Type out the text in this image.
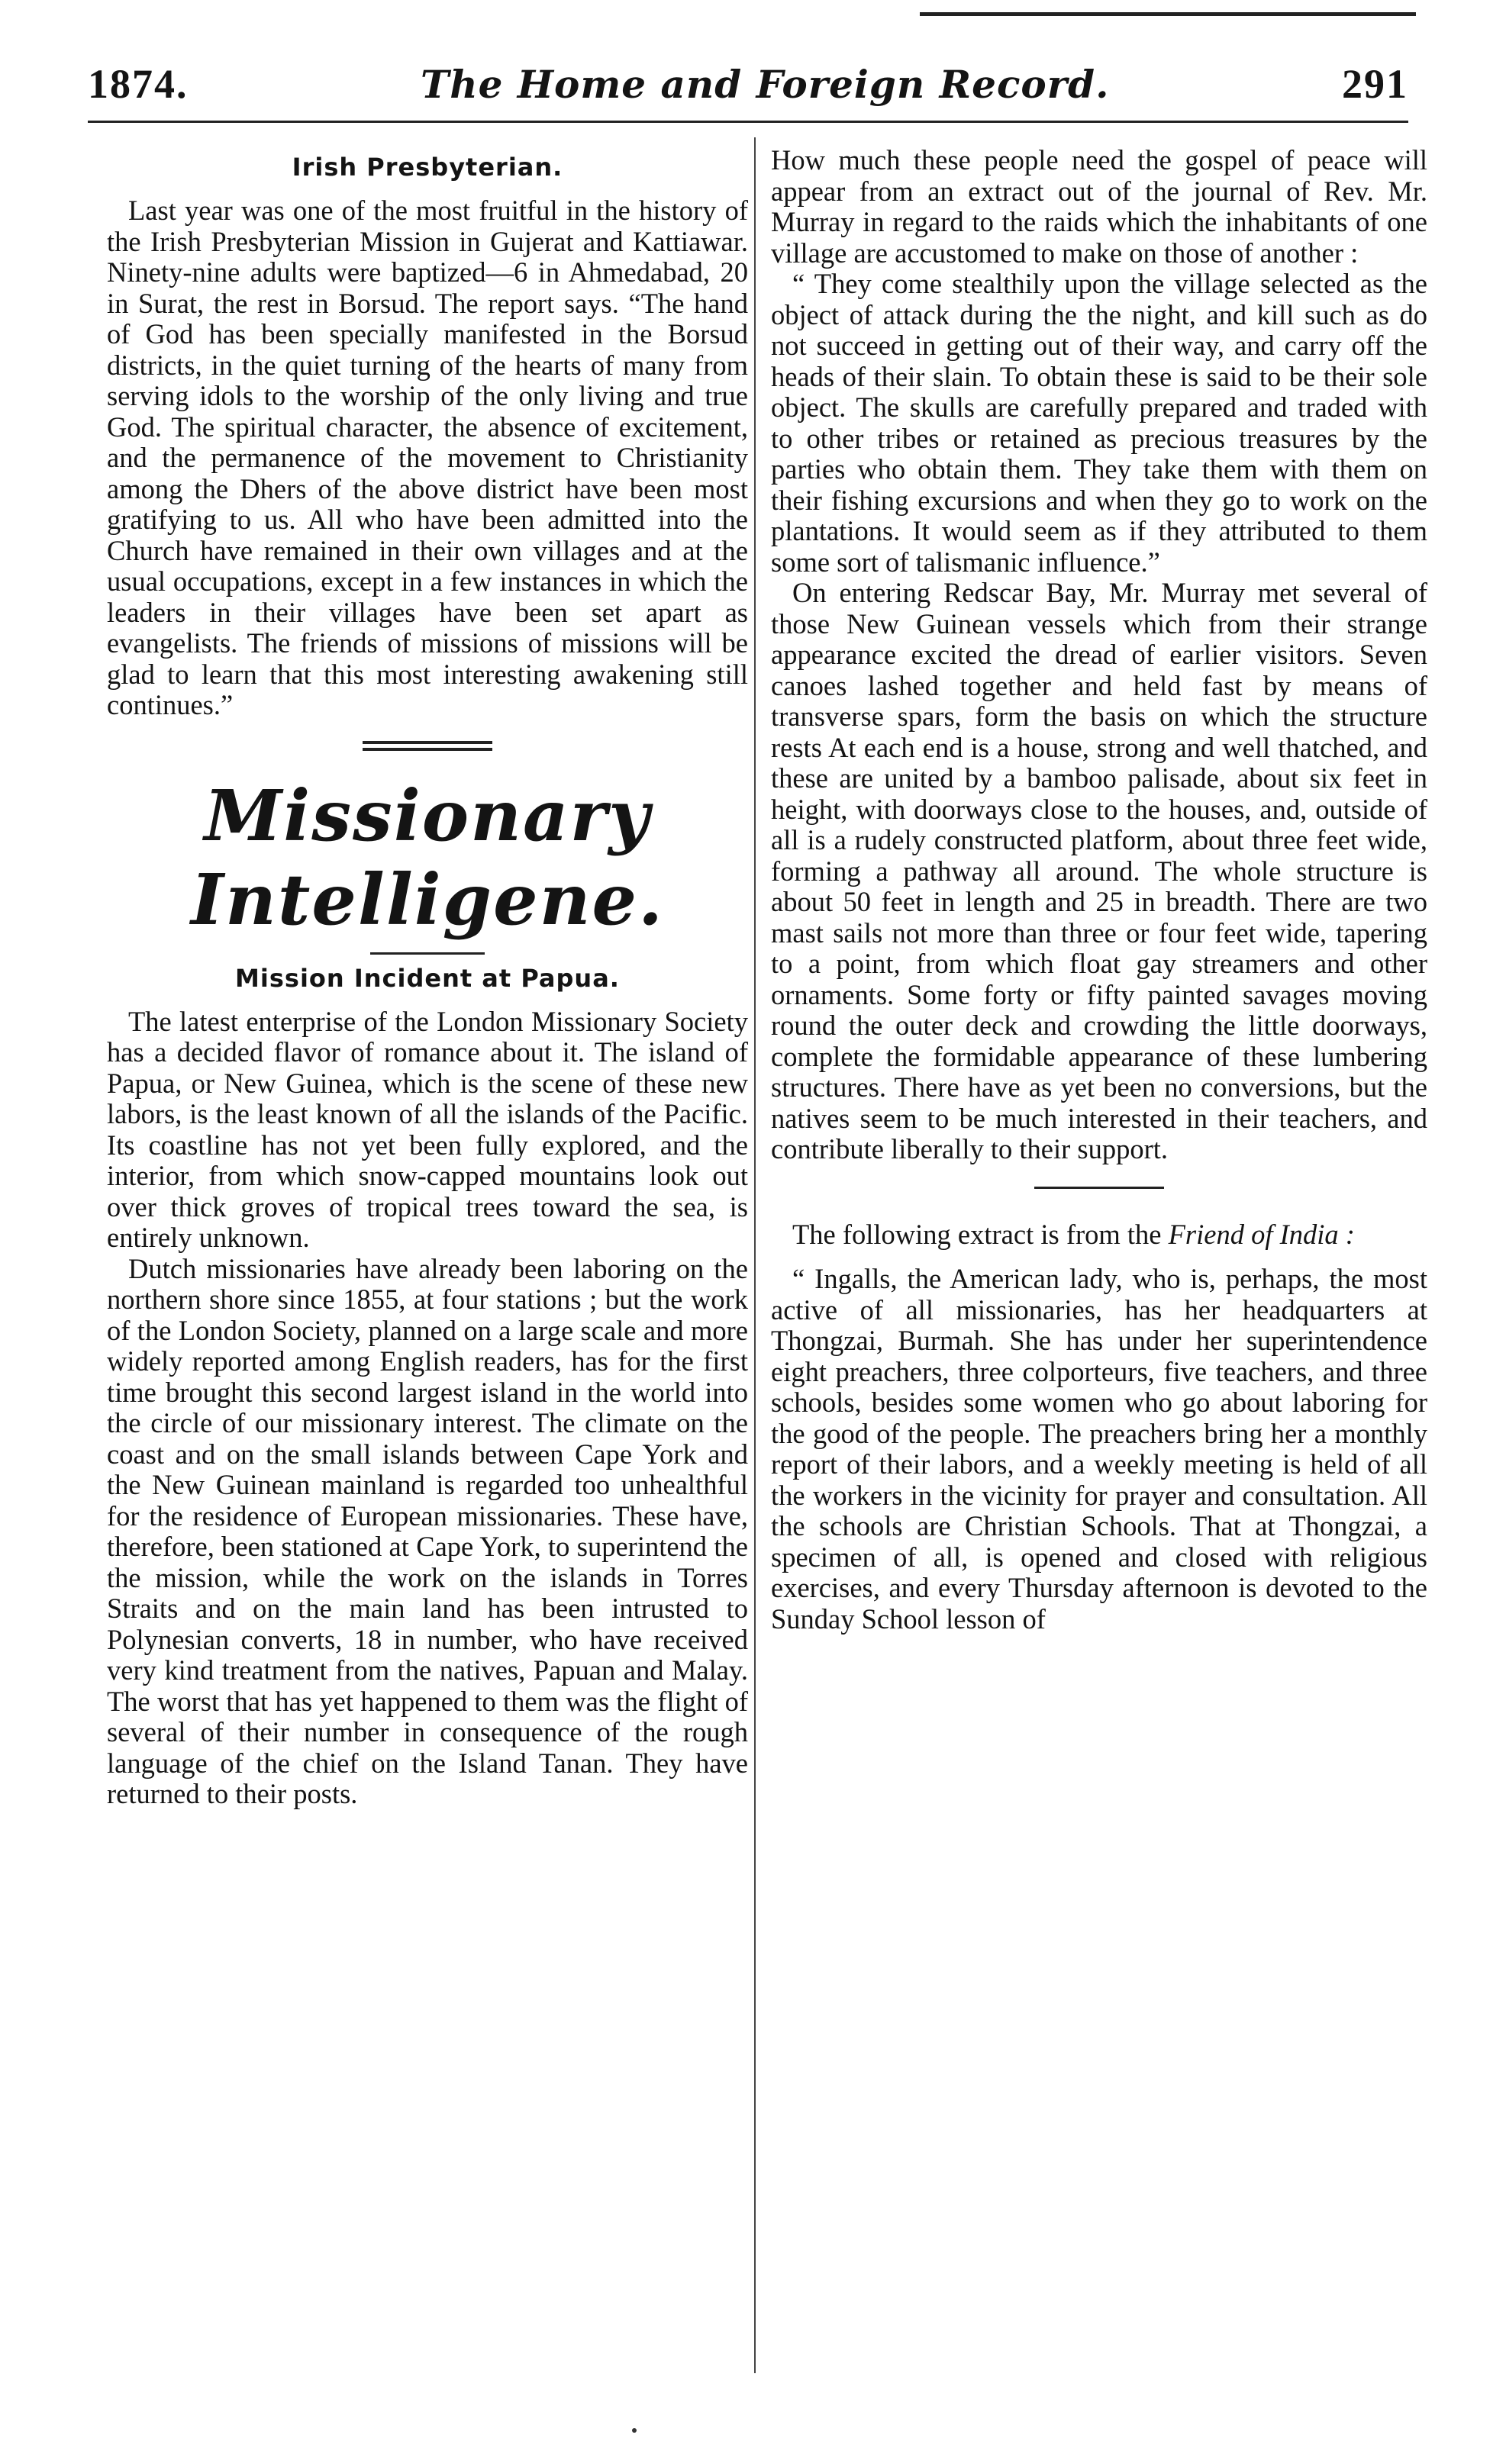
1874.	The Home and Foreign Record.	291
Irish Presbyterian.

Last year was one of the most fruitful in the history of the Irish Presbyterian Mission in Gujerat and Kattiawar. Ninety-nine adults were baptized—6 in Ahmedabad, 20 in Surat, the rest in Borsud. The report says. “The hand of God has been specially manifested in the Borsud districts, in the quiet turning of the hearts of many from serving idols to the worship of the only living and true God. The spiritual character, the absence of excitement, and the permanence of the movement to Christianity among the Dhers of the above district have been most gratifying to us. All who have been admitted into the Church have remained in their own villages and at the usual occupations, except in a few instances in which the leaders in their villages have been set apart as evangelists. The friends of missions of missions will be glad to learn that this most interesting awakening still continues.”

Missionary Intelligene.
Mission Incident at Papua.

The latest enterprise of the London Missionary Society has a decided flavor of romance about it. The island of Papua, or New Guinea, which is the scene of these new labors, is the least known of all the islands of the Pacific. Its coastline has not yet been fully explored, and the interior, from which snow-capped mountains look out over thick groves of tropical trees toward the sea, is entirely unknown.

Dutch missionaries have already been laboring on the northern shore since 1855, at four stations ; but the work of the London Society, planned on a large scale and more widely reported among English readers, has for the first time brought this second largest island in the world into the circle of our missionary interest. The climate on the coast and on the small islands between Cape York and the New Guinean mainland is regarded too unhealthful for the residence of European missionaries. These have, therefore, been stationed at Cape York, to superintend the the mission, while the work on the islands in Torres Straits and on the main land has been intrusted to Polynesian converts, 18 in number, who have received very kind treatment from the natives, Papuan and Malay. The worst that has yet happened to them was the flight of several of their number in consequence of the rough language of the chief on the Island Tanan. They have returned to their posts.

How much these people need the gospel of peace will appear from an extract out of the journal of Rev. Mr. Murray in regard to the raids which the inhabitants of one village are accustomed to make on those of another :

“ They come stealthily upon the village selected as the object of attack during the the night, and kill such as do not succeed in getting out of their way, and carry off the heads of their slain. To obtain these is said to be their sole object. The skulls are carefully prepared and traded with to other tribes or retained as precious treasures by the parties who obtain them. They take them with them on their fishing excursions and when they go to work on the plantations. It would seem as if they attributed to them some sort of talismanic influence.”

On entering Redscar Bay, Mr. Murray met several of those New Guinean vessels which from their strange appearance excited the dread of earlier visitors. Seven canoes lashed together and held fast by means of transverse spars, form the basis on which the structure rests At each end is a house, strong and well thatched, and these are united by a bamboo palisade, about six feet in height, with doorways close to the houses, and, outside of all is a rudely constructed platform, about three feet wide, forming a pathway all around. The whole structure is about 50 feet in length and 25 in breadth. There are two mast sails not more than three or four feet wide, tapering to a point, from which float gay streamers and other ornaments. Some forty or fifty painted savages moving round the outer deck and crowding the little doorways, complete the formidable appearance of these lumbering structures. There have as yet been no conversions, but the natives seem to be much interested in their teachers, and contribute liberally to their support.

The following extract is from the Friend of India :

“ Ingalls, the American lady, who is, perhaps, the most active of all missionaries, has her headquarters at Thongzai, Burmah. She has under her superintendence eight preachers, three colporteurs, five teachers, and three schools, besides some women who go about laboring for the good of the people. The preachers bring her a monthly report of their labors, and a weekly meeting is held of all the workers in the vicinity for prayer and consultation. All the schools are Christian Schools. That at Thongzai, a specimen of all, is opened and closed with religious exercises, and every Thursday afternoon is devoted to the Sunday School lesson of
